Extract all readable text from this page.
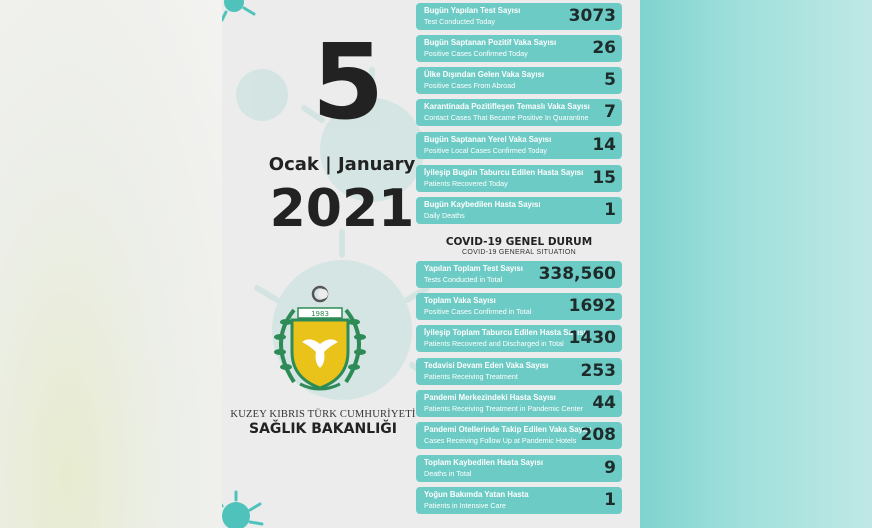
5
Ocak | January
2021
1983
KUZEY KIBRIS TÜRK CUMHURİYETİ
SAĞLIK BAKANLIĞI
Bugün Yapılan Test Sayısı
Test Conducted Today	3073
Bugün Saptanan Pozitif Vaka Sayısı
Positive Cases Confirmed Today	26
Ülke Dışından Gelen Vaka Sayısı
Positive Cases From Abroad	5
Karantinada Pozitifleşen Temaslı Vaka Sayısı
Contact Cases That Became Positive In Quarantine 7
Bugün Saptanan Yerel Vaka Sayısı
Positive Local Cases Confirmed Today	14
İyileşip Bugün Taburcu Edilen Hasta Sayısı
Patients Recovered Today	15
Bugün Kaybedilen Hasta Sayısı
Daily Deaths	1
COVID-19 GENEL DURUM
COVID-19 GENERAL SITUATION
Yapılan Toplam Test Sayısı
Tests Conducted in Total 338,560
Toplam Vaka Sayısı
Positive Cases Confirmed in Total 1692
İyileşip Toplam Taburcu Edilen Hasta Sayısı
Patients Recovered and Discharged in Total 1430
Tedavisi Devam Eden Vaka Sayısı
Patients Receiving Treatment	253
Pandemi Merkezindeki Hasta Sayısı
Patients Receiving Treatment in Pandemic Center 44
Pandemi Otellerinde Takip Edilen Vaka Sayısı
Cases Receiving Follow Up at Pandemic Hotels 208
Toplam Kaybedilen Hasta Sayısı
Deaths in Total	9
Yoğun Bakımda Yatan Hasta
Patients in Intensive Care	1
